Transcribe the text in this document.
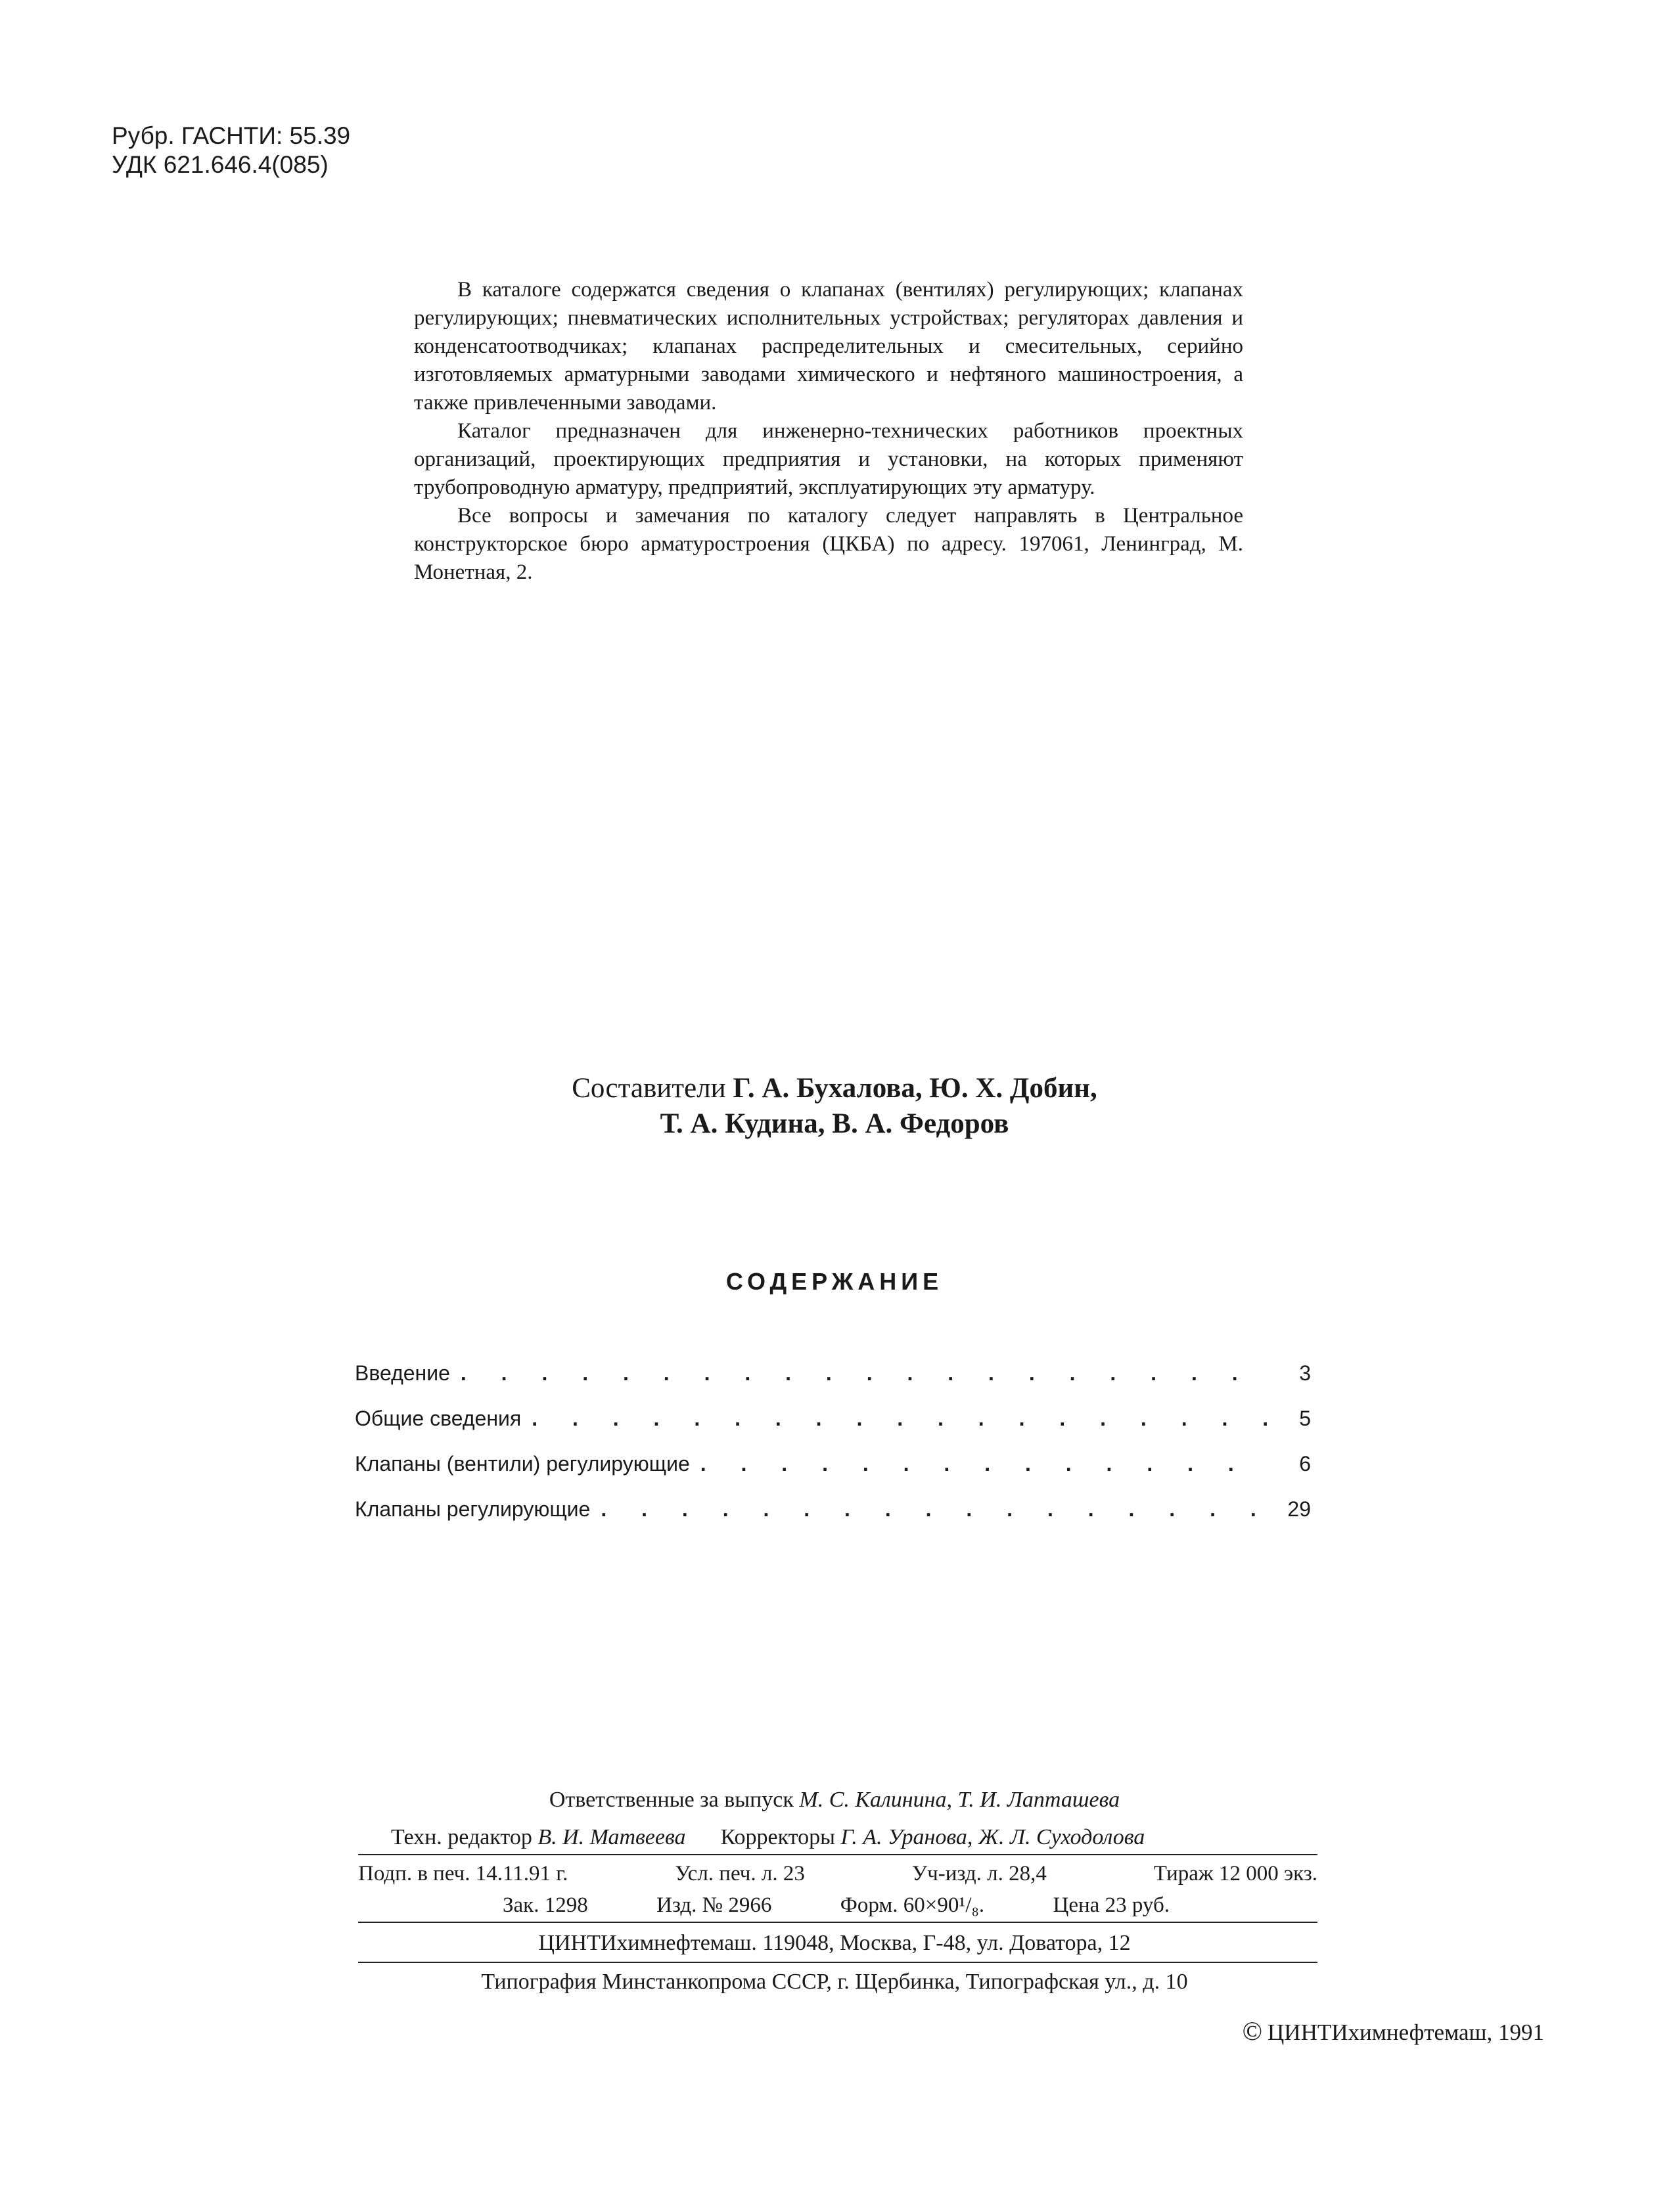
Рубр. ГАСНТИ: 55.39
УДК 621.646.4(085)

В каталоге содержатся сведения о клапанах (вентилях) регулирующих; клапанах регулирующих; пневматических исполнительных устройствах; регуляторах давления и конденсатоотводчиках; клапанах распределительных и смесительных, серийно изготовляемых арматурными заводами химического и нефтяного машиностроения, а также привлеченными заводами.

Каталог предназначен для инженерно-технических работников проектных организаций, проектирующих предприятия и установки, на которых применяют трубопроводную арматуру, предприятий, эксплуатирующих эту арматуру.

Все вопросы и замечания по каталогу следует направлять в Центральное конструкторское бюро арматуростроения (ЦКБА) по адресу. 197061, Ленинград, М. Монетная, 2.

Составители Г. А. Бухалова, Ю. Х. Добин,
Т. А. Кудина, В. А. Федоров
СОДЕРЖАНИЕ
Введение . . .	3
Общие сведения . . .	5
Клапаны (вентили) регулирующие . . .	6
Клапаны регулирующие . . .	29
Ответственные за выпуск М. С. Калинина, Т. И. Лапташева
Техн. редактор В. И. Матвеева Корректоры Г. А. Уранова, Ж. Л. Суходолова
Подп. в печ. 14.11.91 г.	Усл. печ. л. 23	Уч-изд. л. 28,4	Тираж 12 000 экз.
Зак. 1298	Изд. № 2966	Форм. 60×90¹/₈.	Цена 23 руб.
ЦИНТИхимнефтемаш. 119048, Москва, Г-48, ул. Доватора, 12
Типография Минстанкопрома СССР, г. Щербинка, Типографская ул., д. 10
© ЦИНТИхимнефтемаш, 1991
